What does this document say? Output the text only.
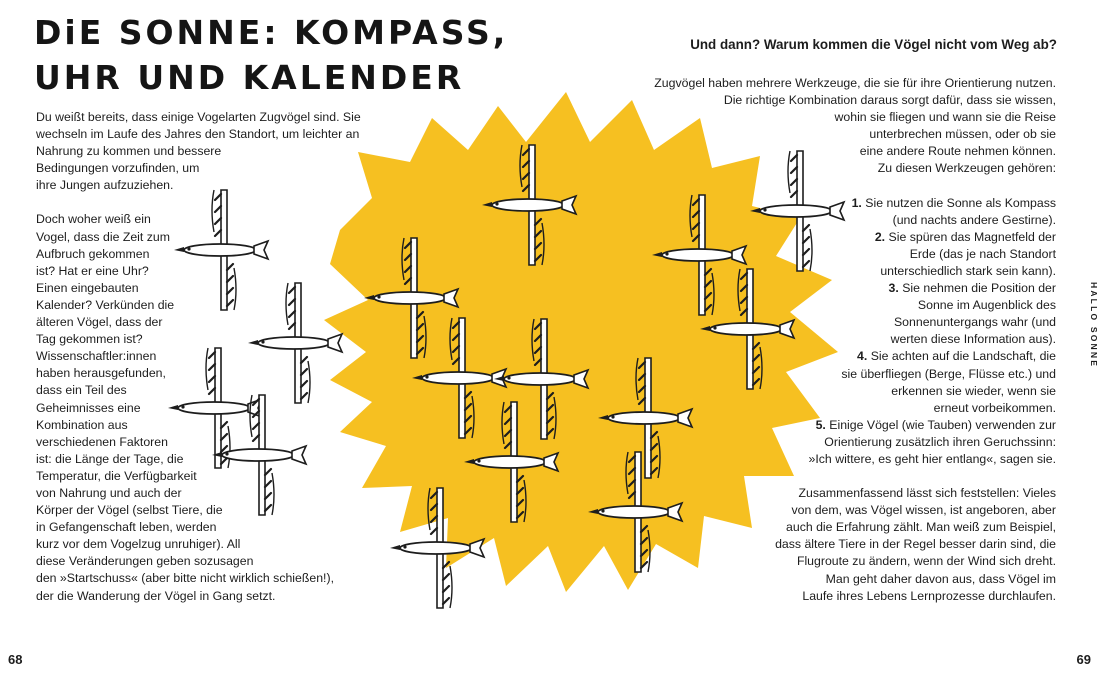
DiE SONNE: KOMPASS,
UHR UND KALENDER
Du weißt bereits, dass einige Vogelarten Zugvögel sind. Sie
wechseln im Laufe des Jahres den Standort, um leichter an
Nahrung zu kommen und bessere
Bedingungen vorzufinden, um
ihre Jungen aufzuziehen.
Doch woher weiß ein
Vogel, dass die Zeit zum
Aufbruch gekommen
ist? Hat er eine Uhr?
Einen eingebauten
Kalender? Verkünden die
älteren Vögel, dass der
Tag gekommen ist?
Wissenschaftler:innen
haben herausgefunden,
dass ein Teil des
Geheimnisses eine
Kombination aus
verschiedenen Faktoren
ist: die Länge der Tage, die
Temperatur, die Verfügbarkeit
von Nahrung und auch der
Körper der Vögel (selbst Tiere, die
in Gefangenschaft leben, werden
kurz vor dem Vogelzug unruhiger). All
diese Veränderungen geben sozusagen
den »Startschuss« (aber bitte nicht wirklich schießen!),
der die Wanderung der Vögel in Gang setzt.
Und dann? Warum kommen die Vögel nicht vom Weg ab?
Zugvögel haben mehrere Werkzeuge, die sie für ihre Orientierung nutzen.
Die richtige Kombination daraus sorgt dafür, dass sie wissen,
wohin sie fliegen und wann sie die Reise
unterbrechen müssen, oder ob sie
eine andere Route nehmen können.
Zu diesen Werkzeugen gehören:
1. Sie nutzen die Sonne als Kompass
(und nachts andere Gestirne).
2. Sie spüren das Magnetfeld der
Erde (das je nach Standort
unterschiedlich stark sein kann).
3. Sie nehmen die Position der
Sonne im Augenblick des
Sonnenuntergangs wahr (und
werten diese Information aus).
4. Sie achten auf die Landschaft, die
sie überfliegen (Berge, Flüsse etc.) und
erkennen sie wieder, wenn sie
erneut vorbeikommen.
5. Einige Vögel (wie Tauben) verwenden zur
Orientierung zusätzlich ihren Geruchssinn:
»Ich wittere, es geht hier entlang«, sagen sie.
Zusammenfassend lässt sich feststellen: Vieles
von dem, was Vögel wissen, ist angeboren, aber
auch die Erfahrung zählt. Man weiß zum Beispiel,
dass ältere Tiere in der Regel besser darin sind, die
Flugroute zu ändern, wenn der Wind sich dreht.
Man geht daher davon aus, dass Vögel im
Laufe ihres Lebens Lernprozesse durchlaufen.
HALLO SONNE
68	69
